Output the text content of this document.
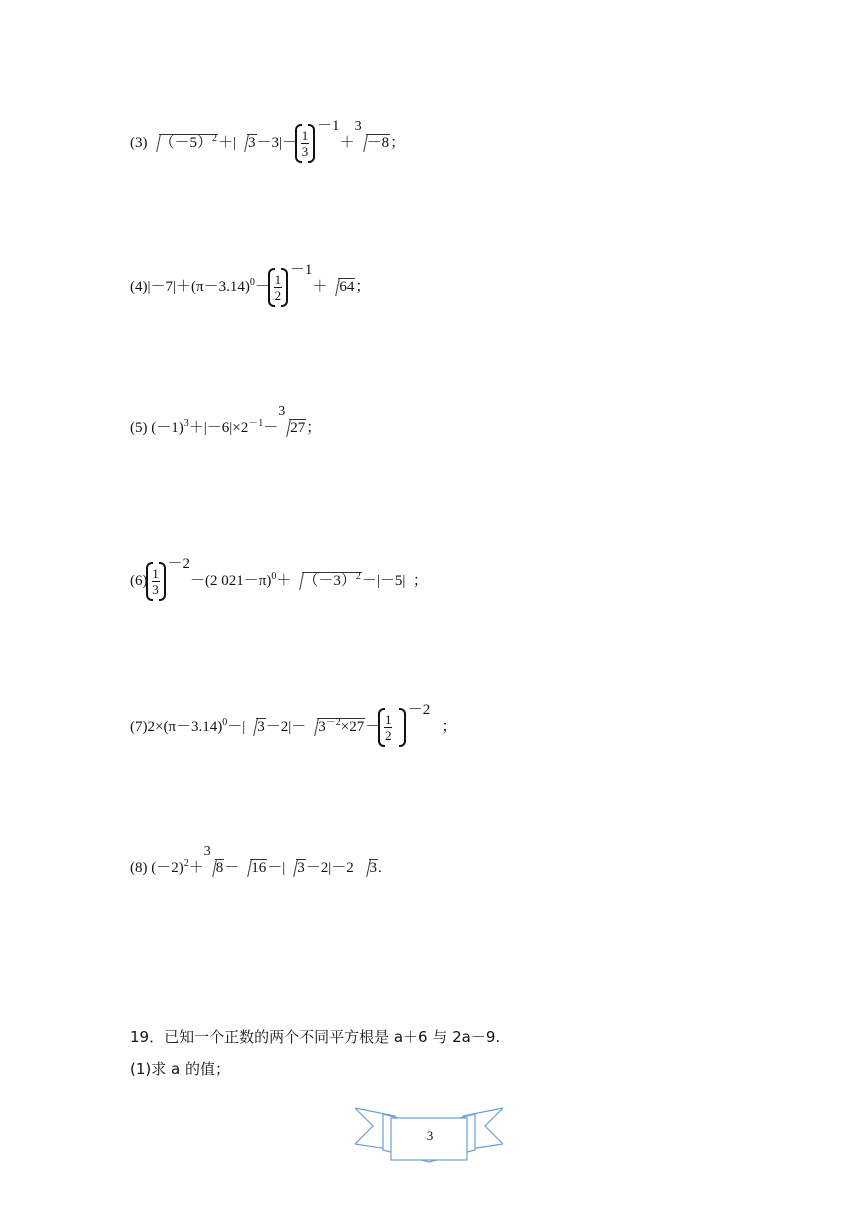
(3) $(-5)^2+|$ $3-3|- \frac{1}{3}$
－1＋
3
－8；
$(4)|-7|+(\pi-3.14)^0- \frac{1}{2}$
－1＋ 64；
(5) $(-1)^3+|-6|\times 2^{-1}-$
3
27；
$(6) \frac{1}{3}$
－2－(2 $021-\pi)^0+ (-3)^2-|-5|$ ；
$(7)2\times(\pi-3.14)^0-|$ $3-2|- 3^{-2}\times 27- \frac{1}{2}$
－2   ；
(8) $(-2)^2+$
3
8－ 16－| 3－2|－2 3.
19．已知一个正数的两个不同平方根是 a＋6 与 2a－9.
(1)求 a 的值；
3
